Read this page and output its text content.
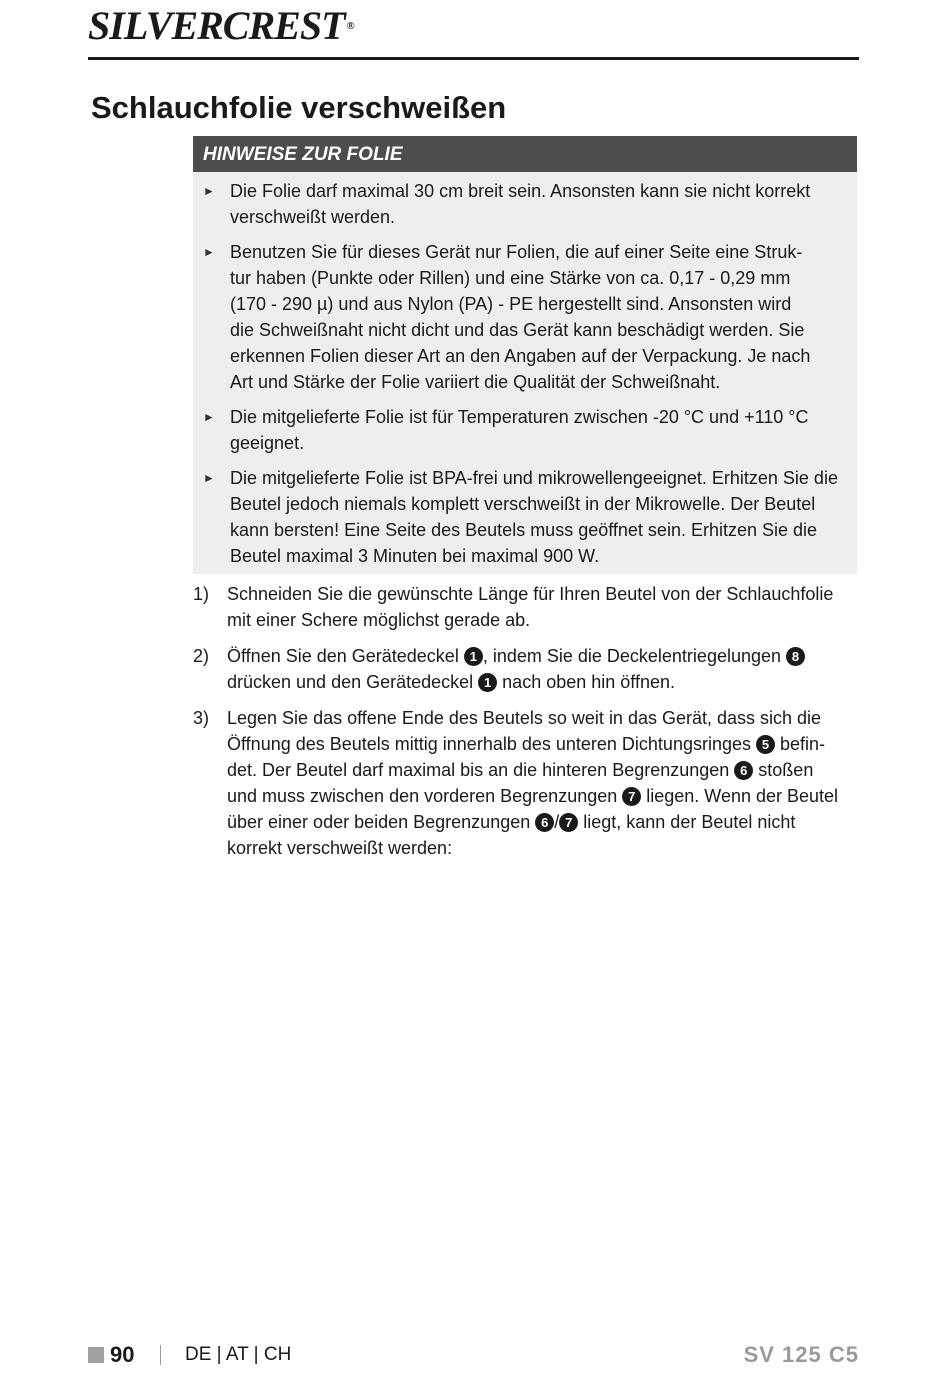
SILVERCREST ®
Schlauchfolie verschweißen
HINWEISE ZUR FOLIE
► Die Folie darf maximal 30 cm breit sein. Ansonsten kann sie nicht korrekt
verschweißt werden.
► Benutzen Sie für dieses Gerät nur Folien, die auf einer Seite eine Struk-
tur haben (Punkte oder Rillen) und eine Stärke von ca. 0,17 - 0,29 mm
(170 - 290 µ) und aus Nylon (PA) - PE hergestellt sind. Ansonsten wird
die Schweißnaht nicht dicht und das Gerät kann beschädigt werden. Sie
erkennen Folien dieser Art an den Angaben auf der Verpackung. Je nach
Art und Stärke der Folie variiert die Qualität der Schweißnaht.
► Die mitgelieferte Folie ist für Temperaturen zwischen -20 °C und +110 °C
geeignet.
► Die mitgelieferte Folie ist BPA-frei und mikrowellengeeignet. Erhitzen Sie die
Beutel jedoch niemals komplett verschweißt in der Mikrowelle. Der Beutel
kann bersten! Eine Seite des Beutels muss geöffnet sein. Erhitzen Sie die
Beutel maximal 3 Minuten bei maximal 900 W.
1) Schneiden Sie die gewünschte Länge für Ihren Beutel von der Schlauchfolie
mit einer Schere möglichst gerade ab.
2) Öffnen Sie den Gerätedeckel 1 , indem Sie die Deckelentriegelungen 8
drücken und den Gerätedeckel 1 nach oben hin öffnen.
3) Legen Sie das offene Ende des Beutels so weit in das Gerät, dass sich die
Öffnung des Beutels mittig innerhalb des unteren Dichtungsringes 5 befin-
det. Der Beutel darf maximal bis an die hinteren Begrenzungen 6 stoßen
und muss zwischen den vorderen Begrenzungen 7 liegen. Wenn der Beutel
über einer oder beiden Begrenzungen 6 / 7 liegt, kann der Beutel nicht
korrekt verschweißt werden:
90	DE | AT | CH	SV 125 C5
